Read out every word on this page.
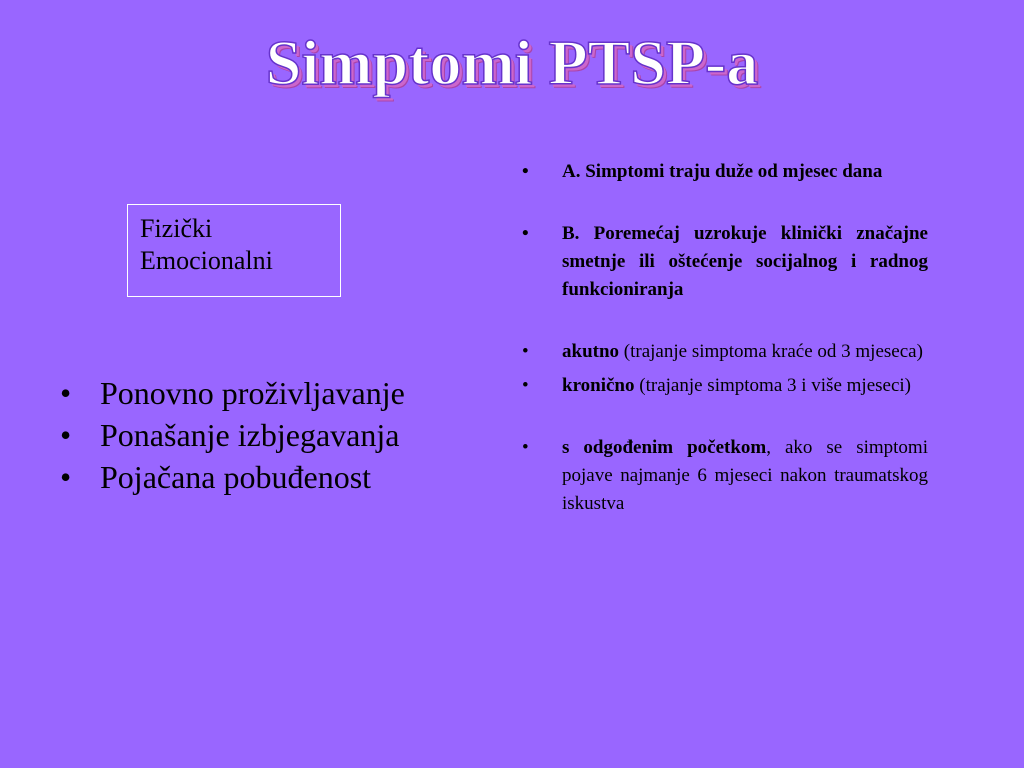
Simptomi PTSP-a
Fizički
Emocionalni
• Ponovno proživljavanje
• Ponašanje izbjegavanja
• Pojačana pobuđenost
• A. Simptomi traju duže od mjesec dana
• B. Poremećaj uzrokuje klinički značajne smetnje ili oštećenje socijalnog i radnog funkcioniranja
• akutno (trajanje simptoma kraće od 3 mjeseca)
• kronično (trajanje simptoma 3 i više mjeseci)
• s odgođenim početkom, ako se simptomi pojave najmanje 6 mjeseci nakon traumatskog iskustva
